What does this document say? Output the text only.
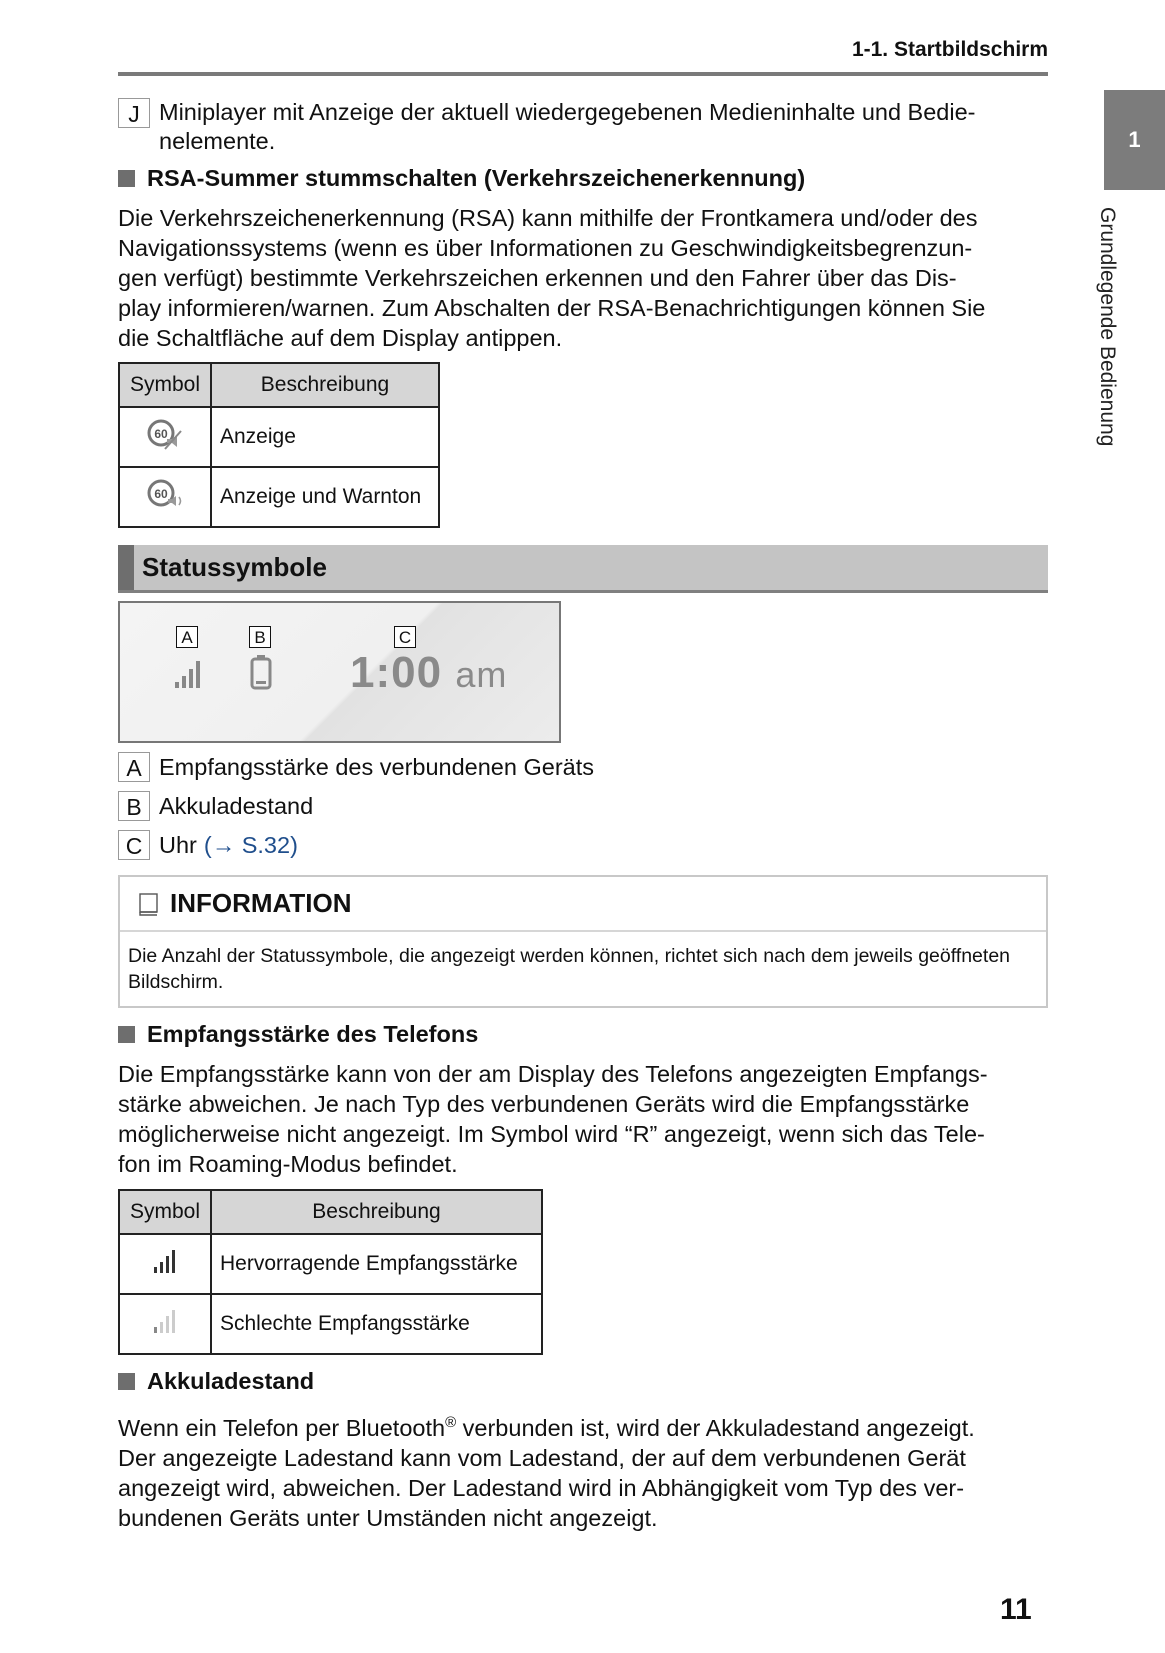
1-1. Startbildschirm
1
Grundlegende Bedienung
J Miniplayer mit Anzeige der aktuell wiedergegebenen Medieninhalte und Bedie-
nelemente.
RSA-Summer stummschalten (Verkehrszeichenerkennung)
Die Verkehrszeichenerkennung (RSA) kann mithilfe der Frontkamera und/oder des
Navigationssystems (wenn es über Informationen zu Geschwindigkeitsbegrenzun-
gen verfügt) bestimmte Verkehrszeichen erkennen und den Fahrer über das Dis-
play informieren/warnen. Zum Abschalten der RSA-Benachrichtigungen können Sie
die Schaltfläche auf dem Display antippen.
Symbol	Beschreibung

60	Anzeige

60	Anzeige und Warnton
Statussymbole
A	B	C
1:00 am
A Empfangsstärke des verbundenen Geräts
B Akkuladestand
C Uhr (→ S.32)
INFORMATION
Die Anzahl der Statussymbole, die angezeigt werden können, richtet sich nach dem jeweils geöffneten Bildschirm.
Empfangsstärke des Telefons
Die Empfangsstärke kann von der am Display des Telefons angezeigten Empfangs-
stärke abweichen. Je nach Typ des verbundenen Geräts wird die Empfangsstärke
möglicherweise nicht angezeigt. Im Symbol wird “R” angezeigt, wenn sich das Tele-
fon im Roaming-Modus befindet.
Symbol	Beschreibung
	Hervorragende Empfangsstärke
	Schlechte Empfangsstärke
Akkuladestand
Wenn ein Telefon per Bluetooth® verbunden ist, wird der Akkuladestand angezeigt.
Der angezeigte Ladestand kann vom Ladestand, der auf dem verbundenen Gerät
angezeigt wird, abweichen. Der Ladestand wird in Abhängigkeit vom Typ des ver-
bundenen Geräts unter Umständen nicht angezeigt.
11
